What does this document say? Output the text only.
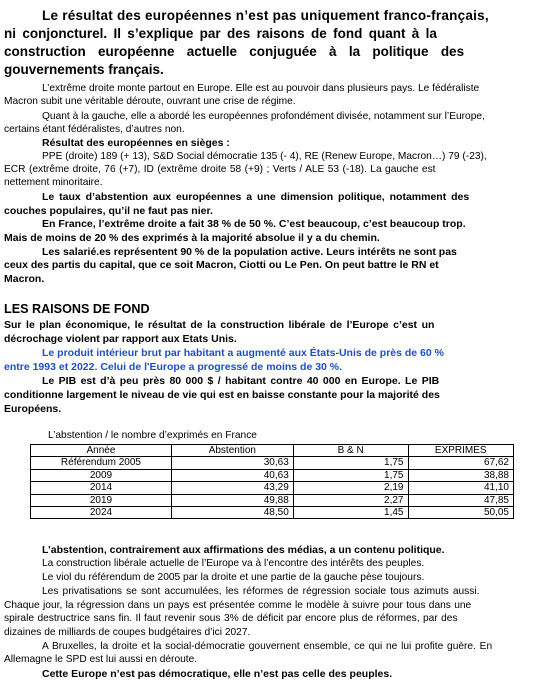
Le résultat des européennes n’est pas uniquement franco-français,
ni conjoncturel. Il s’explique par des raisons de fond quant à la
construction européenne actuelle conjuguée à la politique des
gouvernements français.
L’extrême droite monte partout en Europe. Elle est au pouvoir dans plusieurs pays. Le fédéraliste
Macron subit une véritable déroute, ouvrant une crise de régime.
Quant à la gauche, elle a abordé les européennes profondément divisée, notamment sur l’Europe,
certains étant fédéralistes, d’autres non.
Résultat des européennes en sièges :
PPE (droite) 189 (+ 13), S&D Social démocratie 135 (- 4), RE (Renew Europe, Macron…) 79 (-23),
ECR (extrême droite, 76 (+7), ID (extrême droite 58 (+9) ; Verts / ALE 53 (-18). La gauche est
nettement minoritaire.
Le taux d’abstention aux européennes a une dimension politique, notamment des
couches populaires, qu’il ne faut pas nier.
En France, l’extrême droite a fait 38 % de 50 %. C’est beaucoup, c’est beaucoup trop.
Mais de moins de 20 % des exprimés à la majorité absolue il y a du chemin.
Les salarié.es représentent 90 % de la population active. Leurs intérêts ne sont pas
ceux des partis du capital, que ce soit Macron, Ciotti ou Le Pen. On peut battre le RN et
Macron.
LES RAISONS DE FOND
Sur le plan économique, le résultat de la construction libérale de l’Europe c’est un
décrochage violent par rapport aux Etats Unis.
Le produit intérieur brut par habitant a augmenté aux États-Unis de près de 60 %
entre 1993 et 2022. Celui de l'Europe a progressé de moins de 30 %.
Le PIB est d’à peu près 80 000 $ / habitant contre 40 000 en Europe. Le PIB
conditionne largement le niveau de vie qui est en baisse constante pour la majorité des
Européens.
L’abstention / le nombre d’exprimés en France
Année	Abstention	B & N	EXPRIMES
Référendum 2005	30,63	1,75	67,62
2009	40,63	1,75	38,88
2014	43,29	2,19	41,10
2019	49,88	2,27	47,85
2024	48,50	1,45	50,05
L’abstention, contrairement aux affirmations des médias, a un contenu politique.
La construction libérale actuelle de l’Europe va à l’encontre des intérêts des peuples.
Le viol du référendum de 2005 par la droite et une partie de la gauche pèse toujours.
Les privatisations se sont accumulées, les réformes de régression sociale tous azimuts aussi.
Chaque jour, la régression dans un pays est présentée comme le modèle à suivre pour tous dans une
spirale destructrice sans fin. Il faut revenir sous 3% de déficit par encore plus de réformes, par des
dizaines de milliards de coupes budgétaires d’ici 2027.
A Bruxelles, la droite et la social-démocratie gouvernent ensemble, ce qui ne lui profite guère. En
Allemagne le SPD est lui aussi en déroute.
Cette Europe n’est pas démocratique, elle n’est pas celle des peuples.
